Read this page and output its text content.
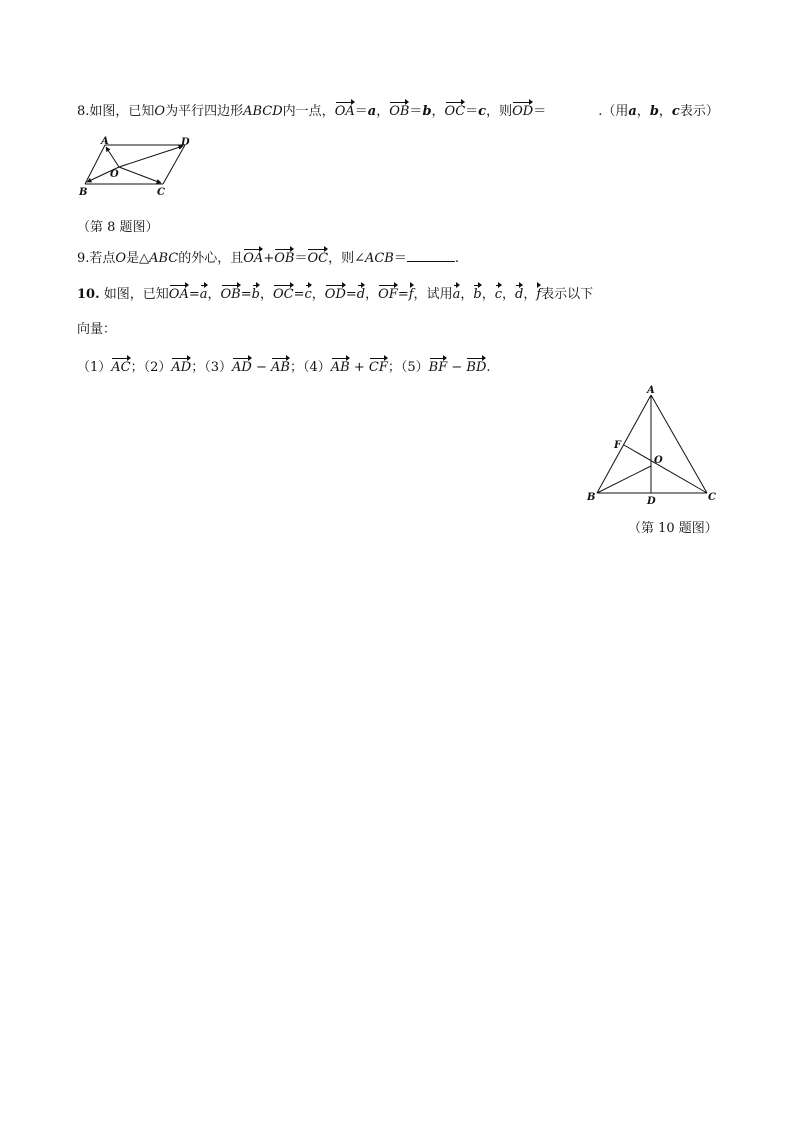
8.如图，已知O为平行四边形ABCD内一点，OA＝a，OB＝b，OC＝c，则OD＝	.（用a，b，c表示）
A	D
O
B	C
（第 8 题图）
9.若点O是△ABC的外心，且OA+OB＝OC，则∠ACB＝	.
10. 如图，已知OA=a，OB=b，OC=c，OD=d，OF=f，试用a，b，c，d，f表示以下
向量：
（1）AC；（2）AD；（3）AD − AB；（4）AB + CF；（5）BF − BD.
A
F
O
B	D	C
（第 10 题图）
